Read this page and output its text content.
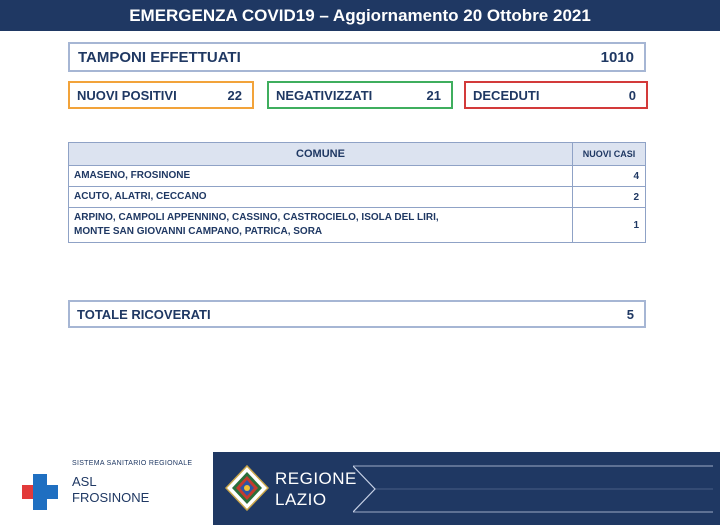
EMERGENZA COVID19 – Aggiornamento 20 Ottobre 2021
TAMPONI EFFETTUATI	1010
NUOVI POSITIVI	22	NEGATIVIZZATI	21 DECEDUTI	0
COMUNE	NUOVI CASI
AMASENO, FROSINONE	4
ACUTO, ALATRI, CECCANO	2
ARPINO, CAMPOLI APPENNINO, CASSINO, CASTROCIELO, ISOLA DEL LIRI,
MONTE SAN GIOVANNI CAMPANO, PATRICA, SORA
1
TOTALE RICOVERATI	5
SISTEMA SANITARIO REGIONALE
ASL
FROSINONE
REGIONE
LAZIO
